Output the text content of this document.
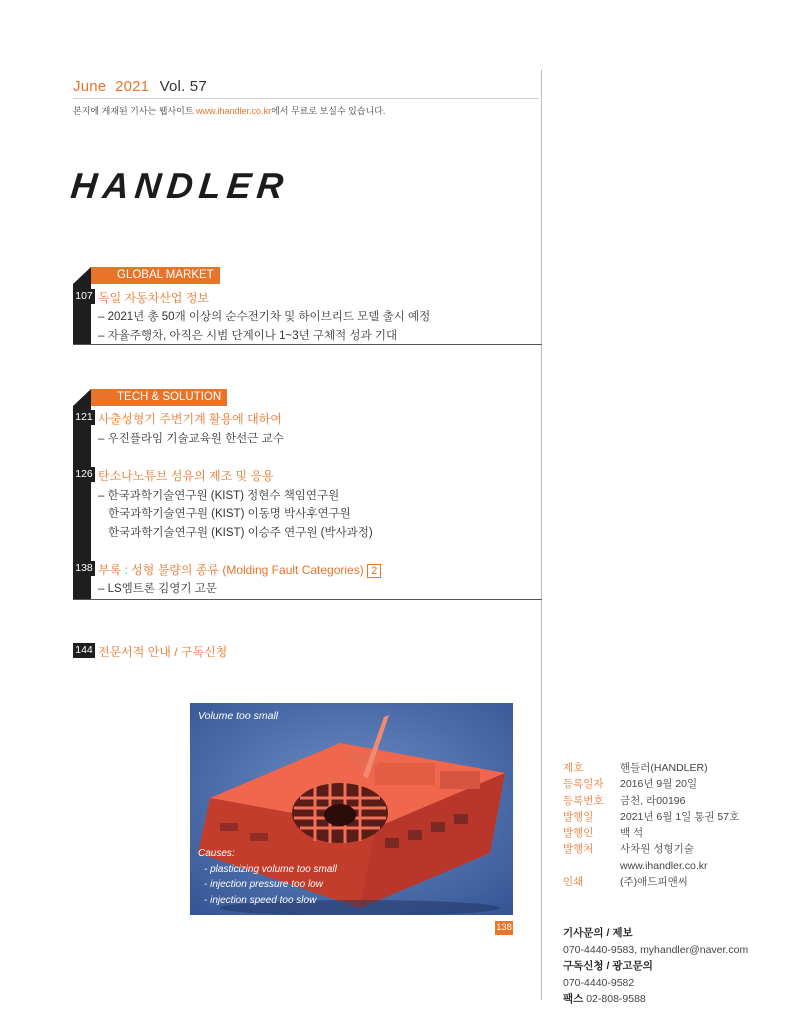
June 2021 Vol. 57
본지에 게재된 기사는 웹사이트 www.ihandler.co.kr에서 무료로 보실수 있습니다.
HANDLER
GLOBAL MARKET
107 독일 자동차산업 정보
– 2021년 총 50개 이상의 순수전기차 및 하이브리드 모델 출시 예정
– 자율주행차, 아직은 시범 단계이나 1~3년 구체적 성과 기대
TECH & SOLUTION
121 사출성형기 주변기계 활용에 대하여
– 우진플라임 기술교육원 한선근 교수
126 탄소나노튜브 섬유의 제조 및 응용
– 한국과학기술연구원 (KIST) 정현수 책임연구원
한국과학기술연구원 (KIST) 이동명 박사후연구원
한국과학기술연구원 (KIST) 이승주 연구원 (박사과정)
138 부록 : 성형 불량의 종류 (Molding Fault Categories) 2
– LS엠트론 김영기 고문
144 전문서적 안내 / 구독신청
Volume too small
Causes:
- plasticizing volume too small
- injection pressure too low
- injection speed too slow
138
제호	핸들러(HANDLER)
등록일자	2016년 9월 20일
등록번호	금천, 라00196
발행일	2021년 6월 1일 통권 57호
발행인	백 석
발행처	사차원 성형기술
www.ihandler.co.kr
인쇄	(주)애드피앤씨
기사문의 / 제보
070-4440-9583, myhandler@naver.com
구독신청 / 광고문의
070-4440-9582
팩스 02-808-9588
